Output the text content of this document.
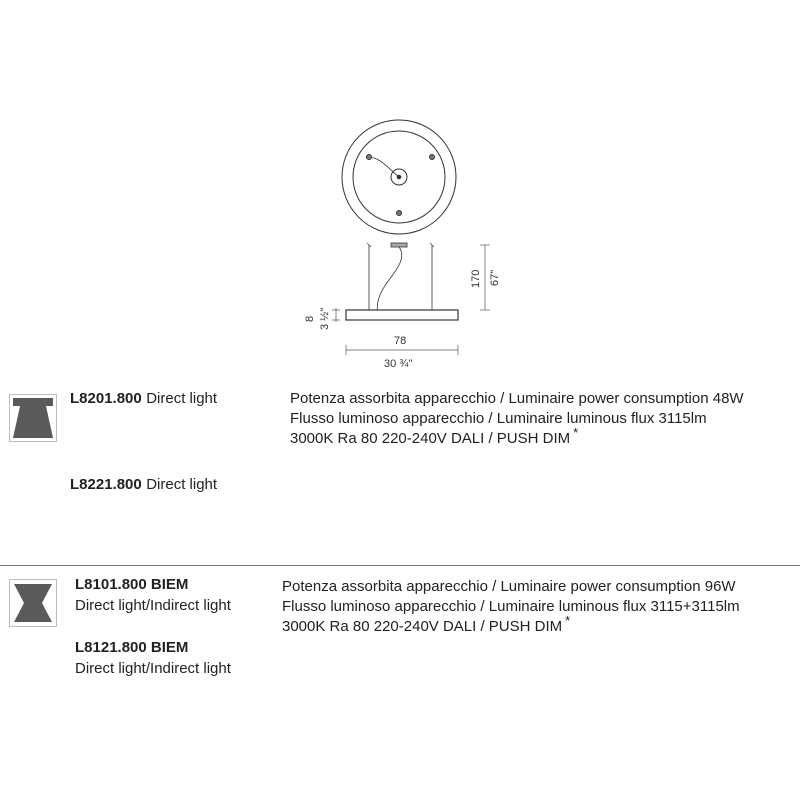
170 67"
8 3 ½"
78
30 ¾"
L8201.800 Direct light
L8221.800 Direct light
Potenza assorbita apparecchio / Luminaire power consumption 48W
Flusso luminoso apparecchio / Luminaire luminous flux 3115lm
3000K Ra 80 220-240V DALI / PUSH DIM *
L8101.800 BIEM
Direct light/Indirect light
L8121.800 BIEM
Direct light/Indirect light
Potenza assorbita apparecchio / Luminaire power consumption 96W
Flusso luminoso apparecchio / Luminaire luminous flux 3115+3115lm
3000K Ra 80 220-240V DALI / PUSH DIM *
